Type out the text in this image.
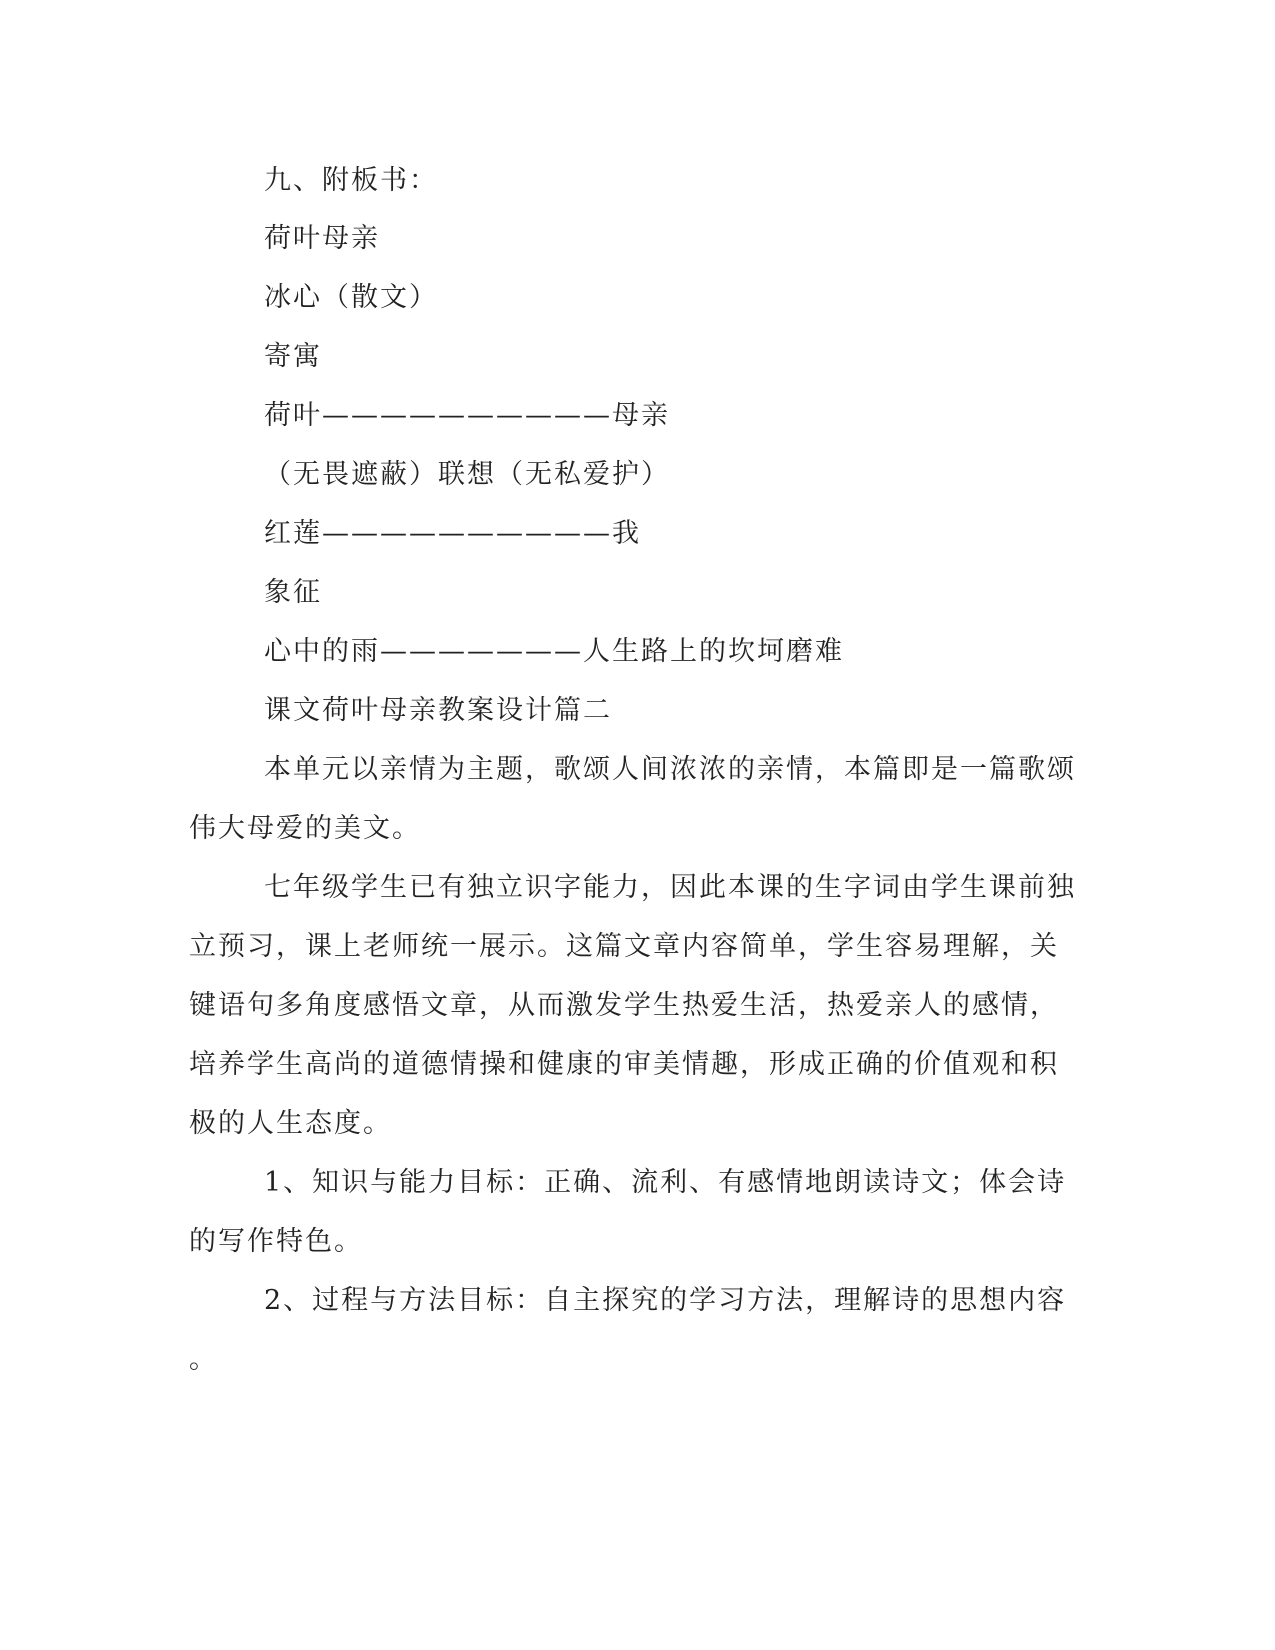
九、附板书：
荷叶母亲
冰心（散文）
寄寓
荷叶——————————母亲
（无畏遮蔽）联想（无私爱护）
红莲——————————我
象征
心中的雨———————人生路上的坎坷磨难
课文荷叶母亲教案设计篇二
本单元以亲情为主题，歌颂人间浓浓的亲情，本篇即是一篇歌颂
伟大母爱的美文。
七年级学生已有独立识字能力，因此本课的生字词由学生课前独
立预习，课上老师统一展示。这篇文章内容简单，学生容易理解，关
键语句多角度感悟文章，从而激发学生热爱生活，热爱亲人的感情，
培养学生高尚的道德情操和健康的审美情趣，形成正确的价值观和积
极的人生态度。
1、知识与能力目标：正确、流利、有感情地朗读诗文；体会诗
的写作特色。
2、过程与方法目标：自主探究的学习方法，理解诗的思想内容
。
